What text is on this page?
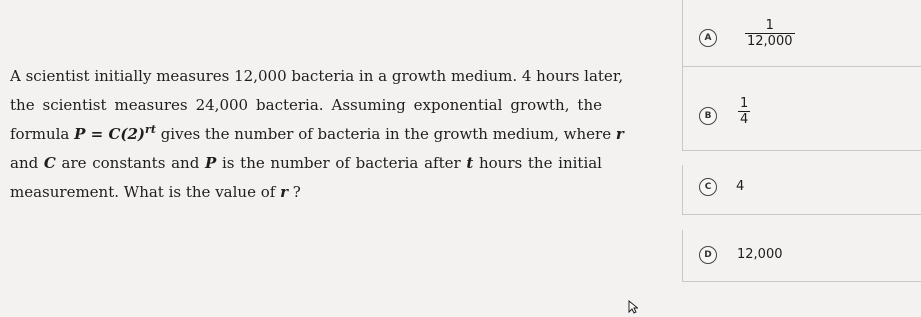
A scientist initially measures 12,000 bacteria in a growth medium. 4 hours later,
the scientist measures 24,000 bacteria. Assuming exponential growth, the
formula $P = C(2)^{rt}$ gives the number of bacteria in the growth medium, where r
and C are constants and P is the number of bacteria after t hours the initial
measurement. What is the value of r ?
A
1
12,000
B
1
4
C	4
D	12,000
